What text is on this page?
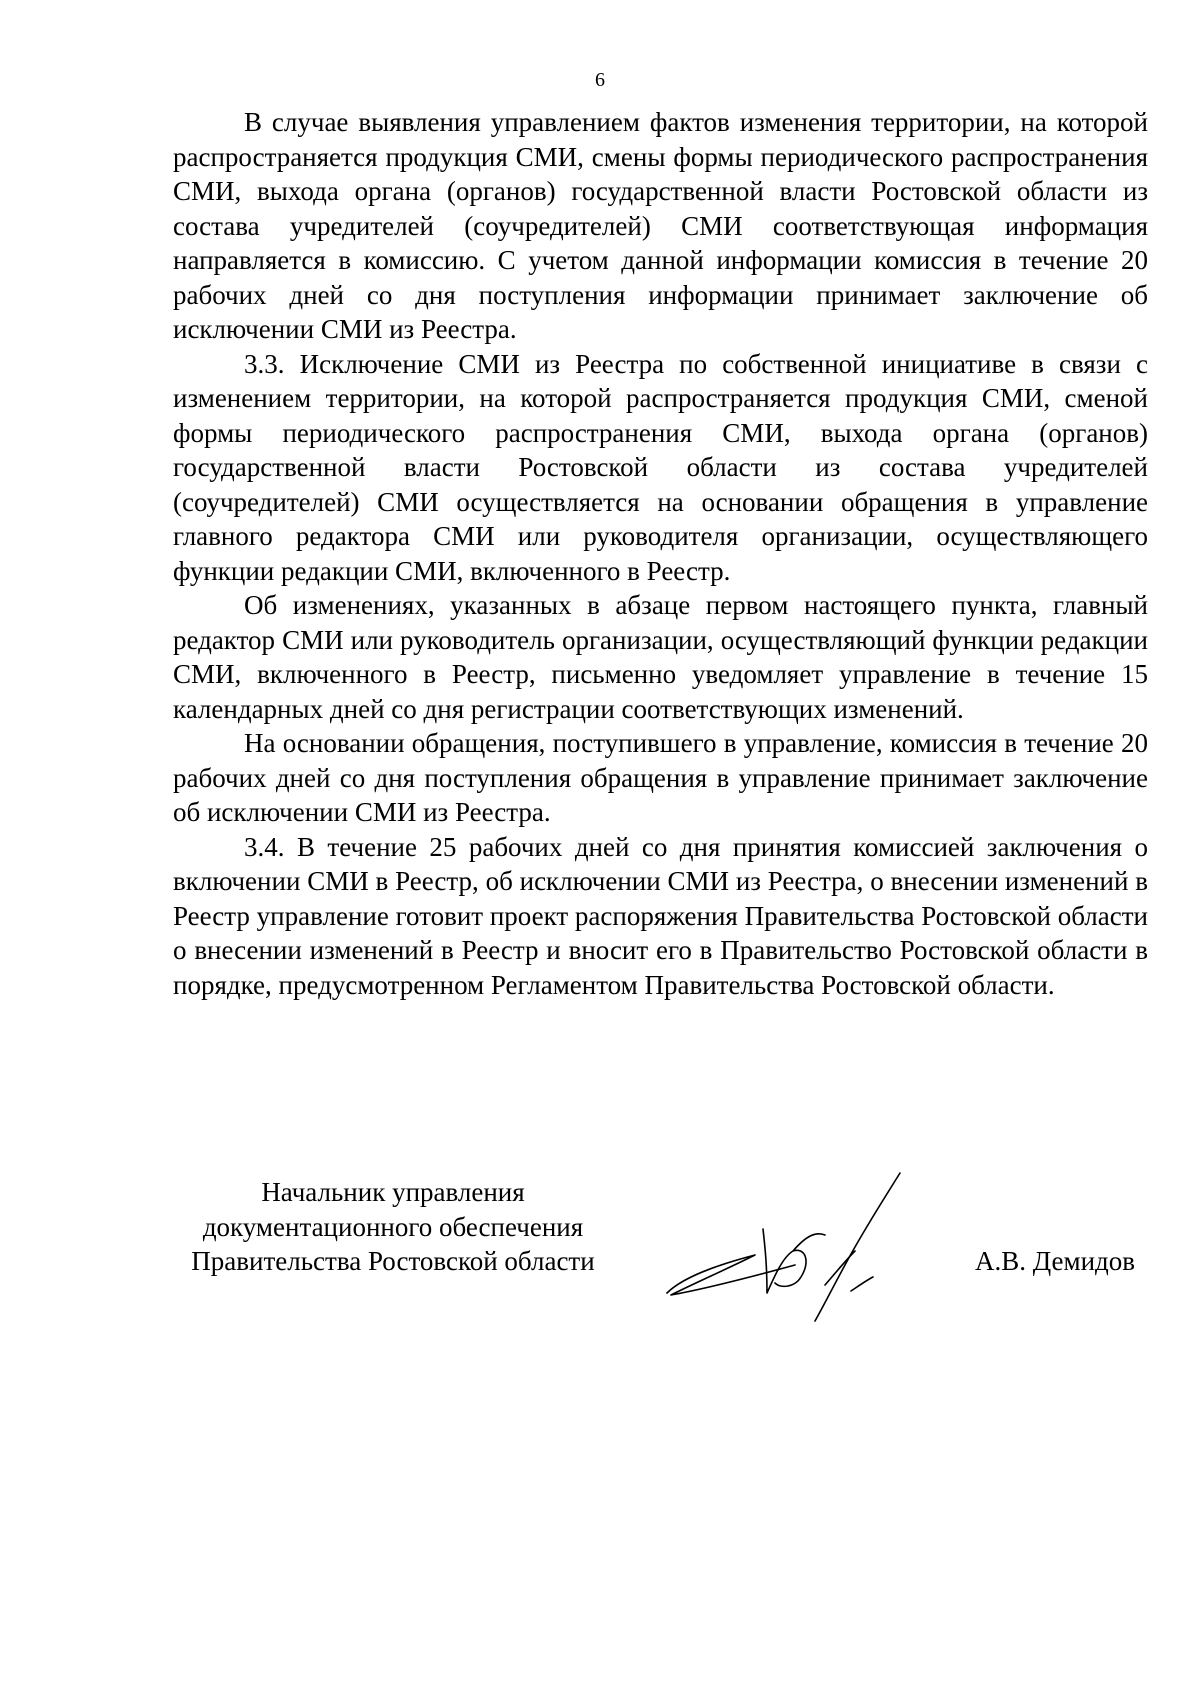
6

В случае выявления управлением фактов изменения территории, на которой распространяется продукция СМИ, смены формы периодического распространения СМИ, выхода органа (органов) государственной власти Ростовской области из состава учредителей (соучредителей) СМИ соответствующая информация направляется в комиссию. С учетом данной информации комиссия в течение 20 рабочих дней со дня поступления информации принимает заключение об исключении СМИ из Реестра.

3.3. Исключение СМИ из Реестра по собственной инициативе в связи с изменением территории, на которой распространяется продукция СМИ, сменой формы периодического распространения СМИ, выхода органа (органов) государственной власти Ростовской области из состава учредителей (соучредителей) СМИ осуществляется на основании обращения в управление главного редактора СМИ или руководителя организации, осуществляющего функции редакции СМИ, включенного в Реестр.

Об изменениях, указанных в абзаце первом настоящего пункта, главный редактор СМИ или руководитель организации, осуществляющий функции редакции СМИ, включенного в Реестр, письменно уведомляет управление в течение 15 календарных дней со дня регистрации соответствующих изменений.

На основании обращения, поступившего в управление, комиссия в течение 20 рабочих дней со дня поступления обращения в управление принимает заключение об исключении СМИ из Реестра.

3.4. В течение 25 рабочих дней со дня принятия комиссией заключения о включении СМИ в Реестр, об исключении СМИ из Реестра, о внесении изменений в Реестр управление готовит проект распоряжения Правительства Ростовской области о внесении изменений в Реестр и вносит его в Правительство Ростовской области в порядке, предусмотренном Регламентом Правительства Ростовской области.

Начальник управления
документационного обеспечения
Правительства Ростовской области	А.В. Демидов
